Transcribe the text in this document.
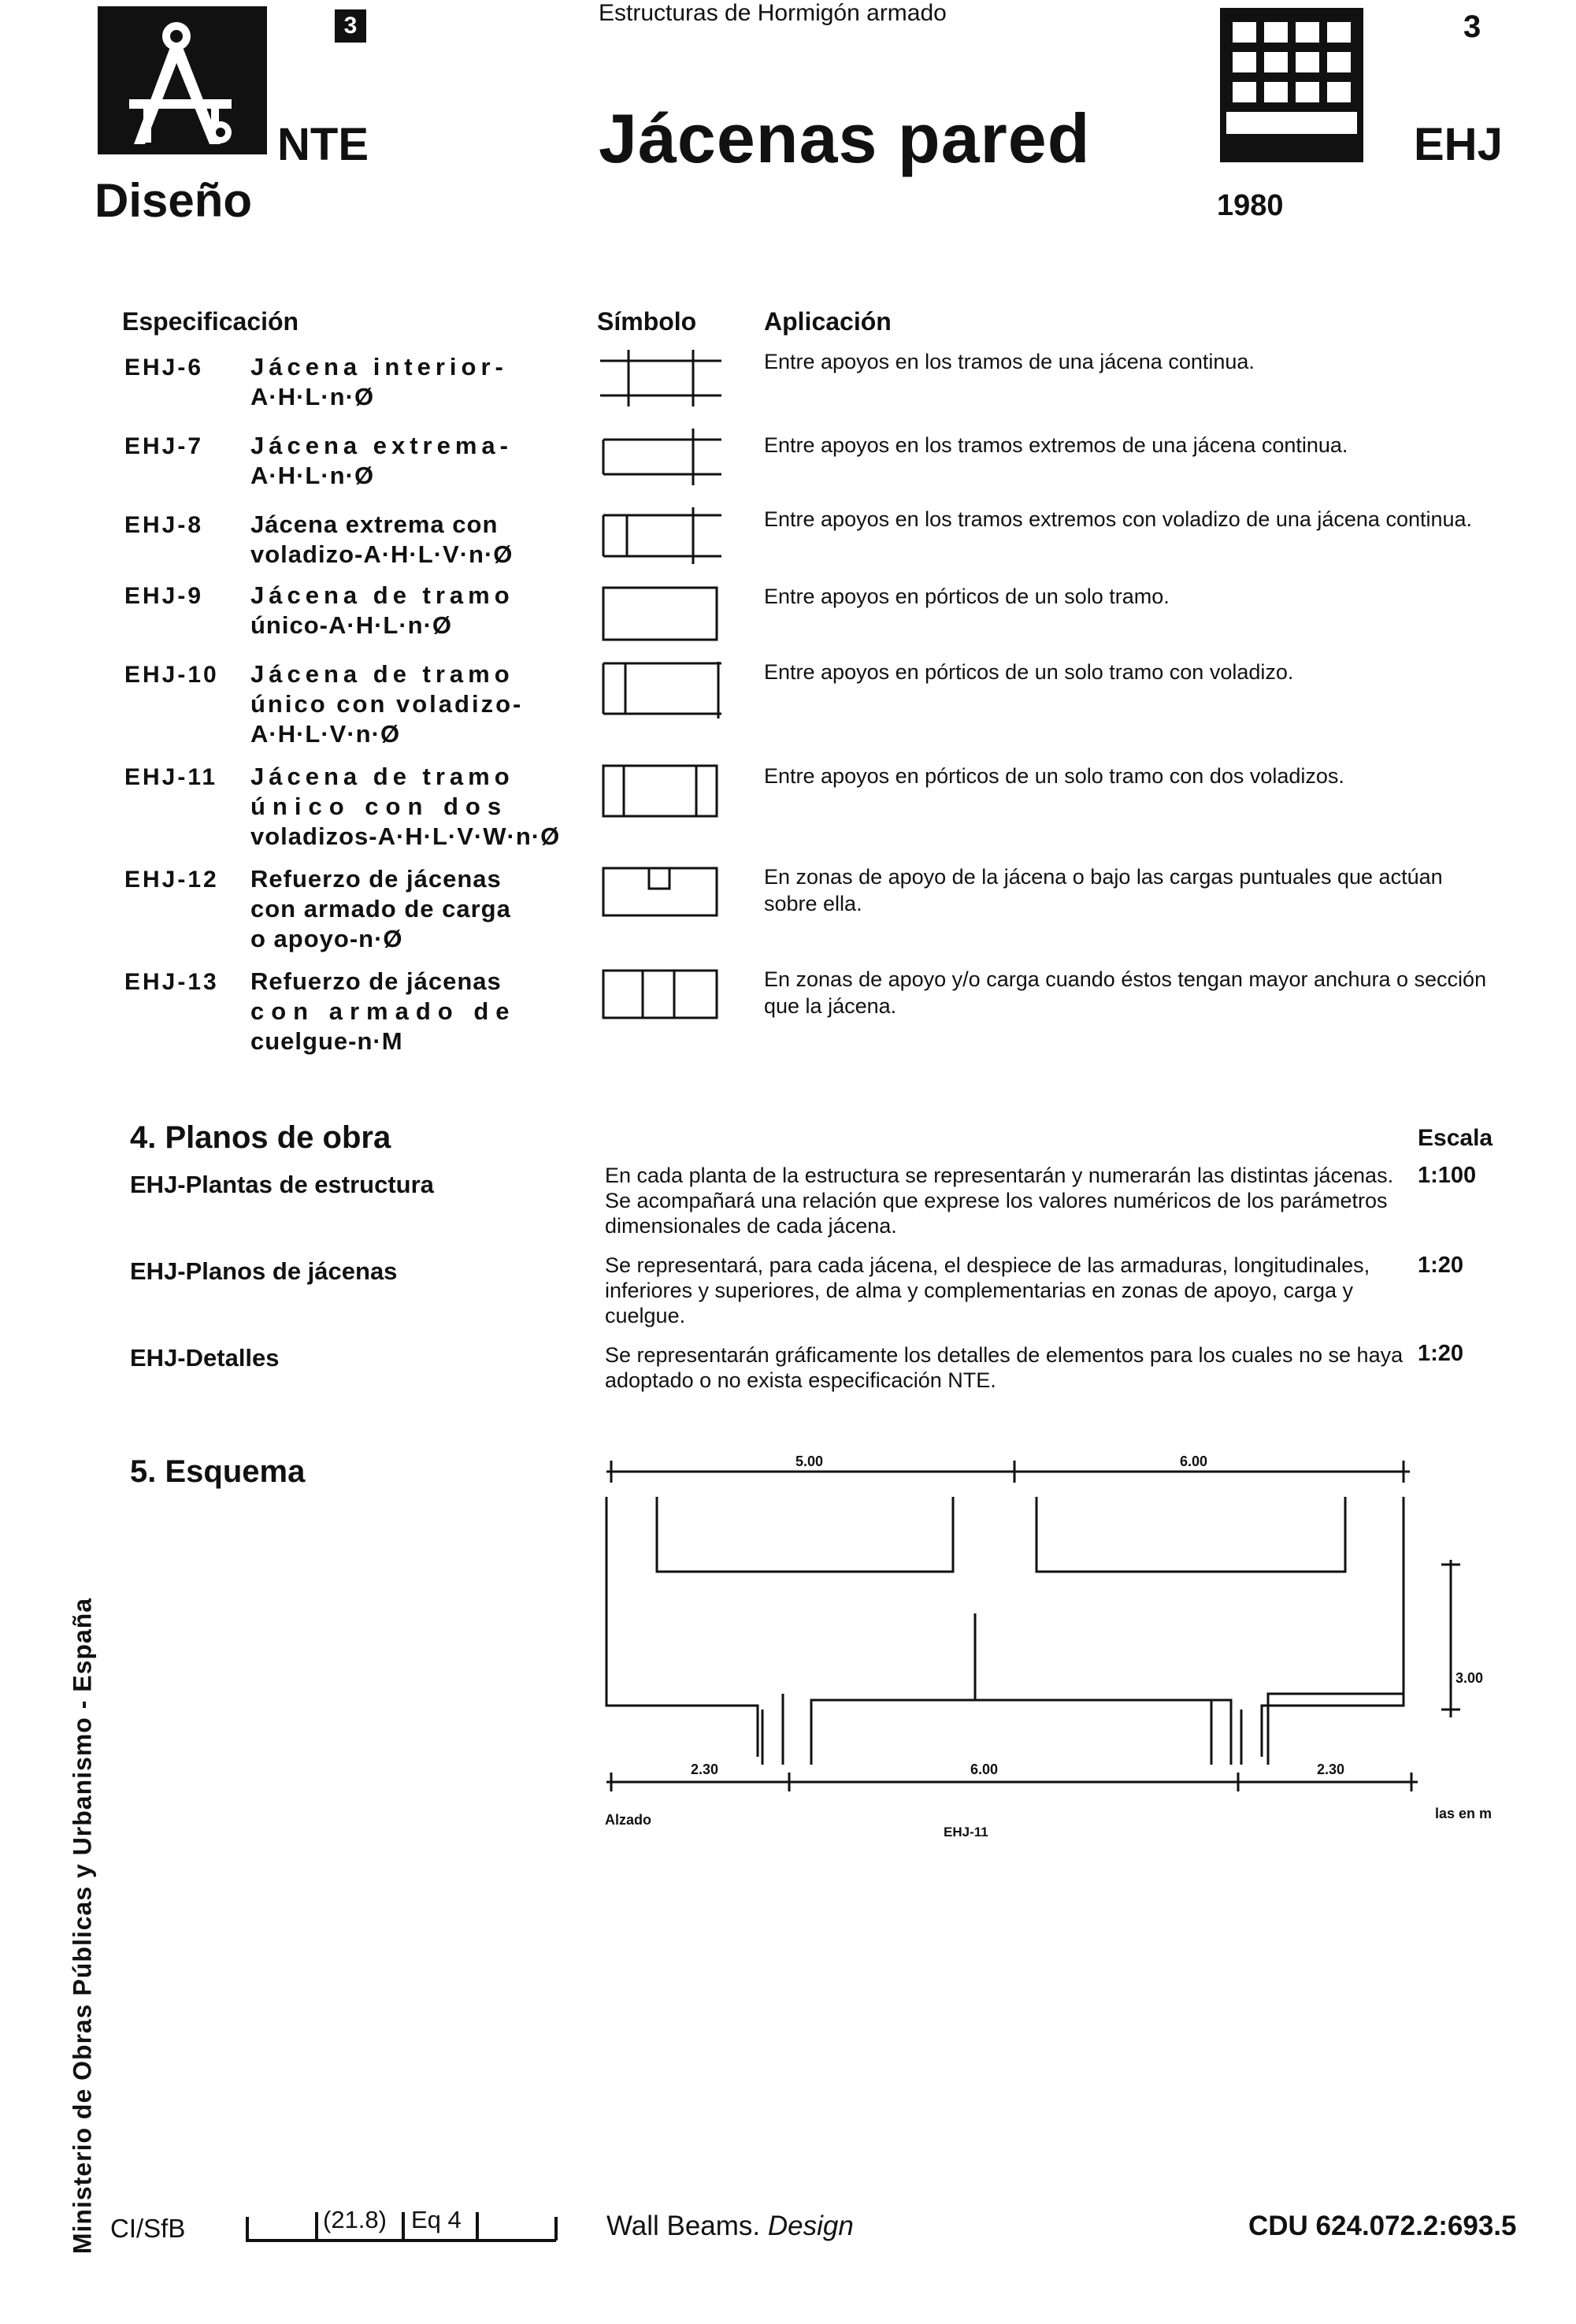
3
NTE
Diseño
Estructuras de Hormigón armado
Jácenas pared
3
EHJ
1980
Especificación	Símbolo	Aplicación
EHJ-6 Jácena interior-
A·H·L·n·Ø
Entre apoyos en los tramos de una jácena continua.
EHJ-7 Jácena extrema-
A·H·L·n·Ø
Entre apoyos en los tramos extremos de una jácena continua.
EHJ-8 Jácena extrema con
voladizo-A·H·L·V·n·Ø
Entre apoyos en los tramos extremos con voladizo de una jácena continua.
EHJ-9 Jácena de tramo
único-A·H·L·n·Ø
Entre apoyos en pórticos de un solo tramo.
EHJ-10 Jácena de tramo
único con voladizo-
A·H·L·V·n·Ø
Entre apoyos en pórticos de un solo tramo con voladizo.
EHJ-11 Jácena de tramo
único con dos
voladizos-A·H·L·V·W·n·Ø
Entre apoyos en pórticos de un solo tramo con dos voladizos.
EHJ-12 Refuerzo de jácenas
con armado de carga
o apoyo-n·Ø
En zonas de apoyo de la jácena o bajo las cargas puntuales que actúan sobre ella.
EHJ-13 Refuerzo de jácenas
con armado de
cuelgue-n·M
En zonas de apoyo y/o carga cuando éstos tengan mayor anchura o sección que la jácena.
4. Planos de obra	Escala
EHJ-Plantas de estructura	En cada planta de la estructura se representarán y numerarán las distintas jácenas. Se acompañará una relación que exprese los valores numéricos de los parámetros dimensionales de cada jácena.
1:100
EHJ-Planos de jácenas	Se representará, para cada jácena, el despiece de las armaduras, longitudinales, inferiores y superiores, de alma y complementarias en zonas de apoyo, carga y cuelgue.
1:20
EHJ-Detalles	Se representarán gráficamente los detalles de elementos para los cuales no se haya adoptado o no exista especificación NTE.
1:20
5. Esquema	5.00	6.00
3.00
EHJ-11
2.30	6.00	2.30
Alzado	las en m
Ministerio de Obras Públicas y Urbanismo - España CI/SfB	(21.8) Eq 4	Wall Beams. Design	CDU 624.072.2:693.5
